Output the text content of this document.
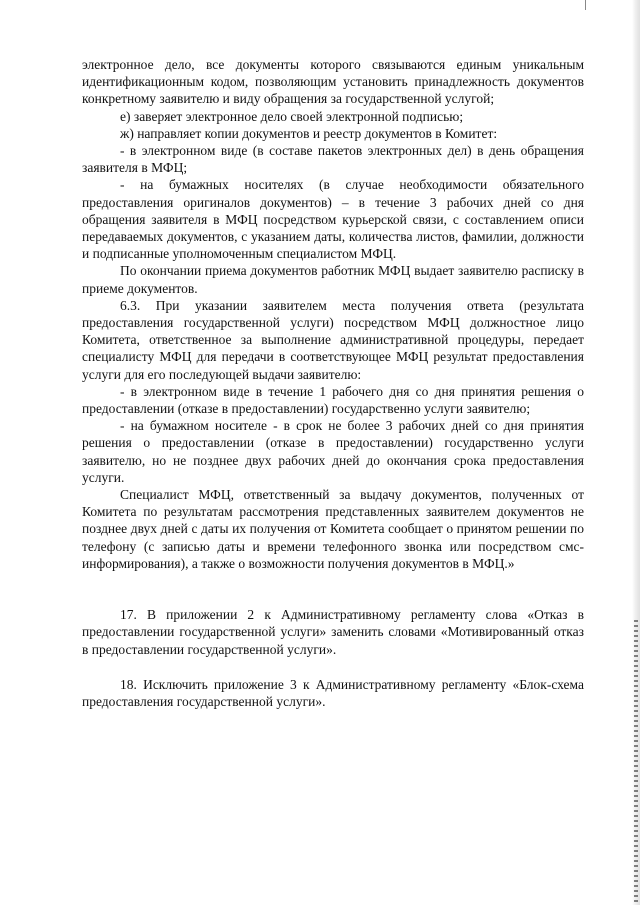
электронное дело, все документы которого связываются единым уникальным идентификационным кодом, позволяющим установить принадлежность документов конкретному заявителю и виду обращения за государственной услугой;

е) заверяет электронное дело своей электронной подписью;

ж) направляет копии документов и реестр документов в Комитет:

- в электронном виде (в составе пакетов электронных дел) в день обращения заявителя в МФЦ;

- на бумажных носителях (в случае необходимости обязательного предоставления оригиналов документов) – в течение 3 рабочих дней со дня обращения заявителя в МФЦ посредством курьерской связи, с составлением описи передаваемых документов, с указанием даты, количества листов, фамилии, должности и подписанные уполномоченным специалистом МФЦ.

По окончании приема документов работник МФЦ выдает заявителю расписку в приеме документов.

6.3. При указании заявителем места получения ответа (результата предоставления государственной услуги) посредством МФЦ должностное лицо Комитета, ответственное за выполнение административной процедуры, передает специалисту МФЦ для передачи в соответствующее МФЦ результат предоставления услуги для его последующей выдачи заявителю:

- в электронном виде в течение 1 рабочего дня со дня принятия решения о предоставлении (отказе в предоставлении) государственно услуги заявителю;

- на бумажном носителе - в срок не более 3 рабочих дней со дня принятия решения о предоставлении (отказе в предоставлении) государственно услуги заявителю, но не позднее двух рабочих дней до окончания срока предоставления услуги.

Специалист МФЦ, ответственный за выдачу документов, полученных от Комитета по результатам рассмотрения представленных заявителем документов не позднее двух дней с даты их получения от Комитета сообщает о принятом решении по телефону (с записью даты и времени телефонного звонка или посредством смс-информирования), а также о возможности получения документов в МФЦ.»

17. В приложении 2 к Административному регламенту слова «Отказ в предоставлении государственной услуги» заменить словами «Мотивированный отказ в предоставлении государственной услуги».

18. Исключить приложение 3 к Административному регламенту «Блок-схема предоставления государственной услуги».
